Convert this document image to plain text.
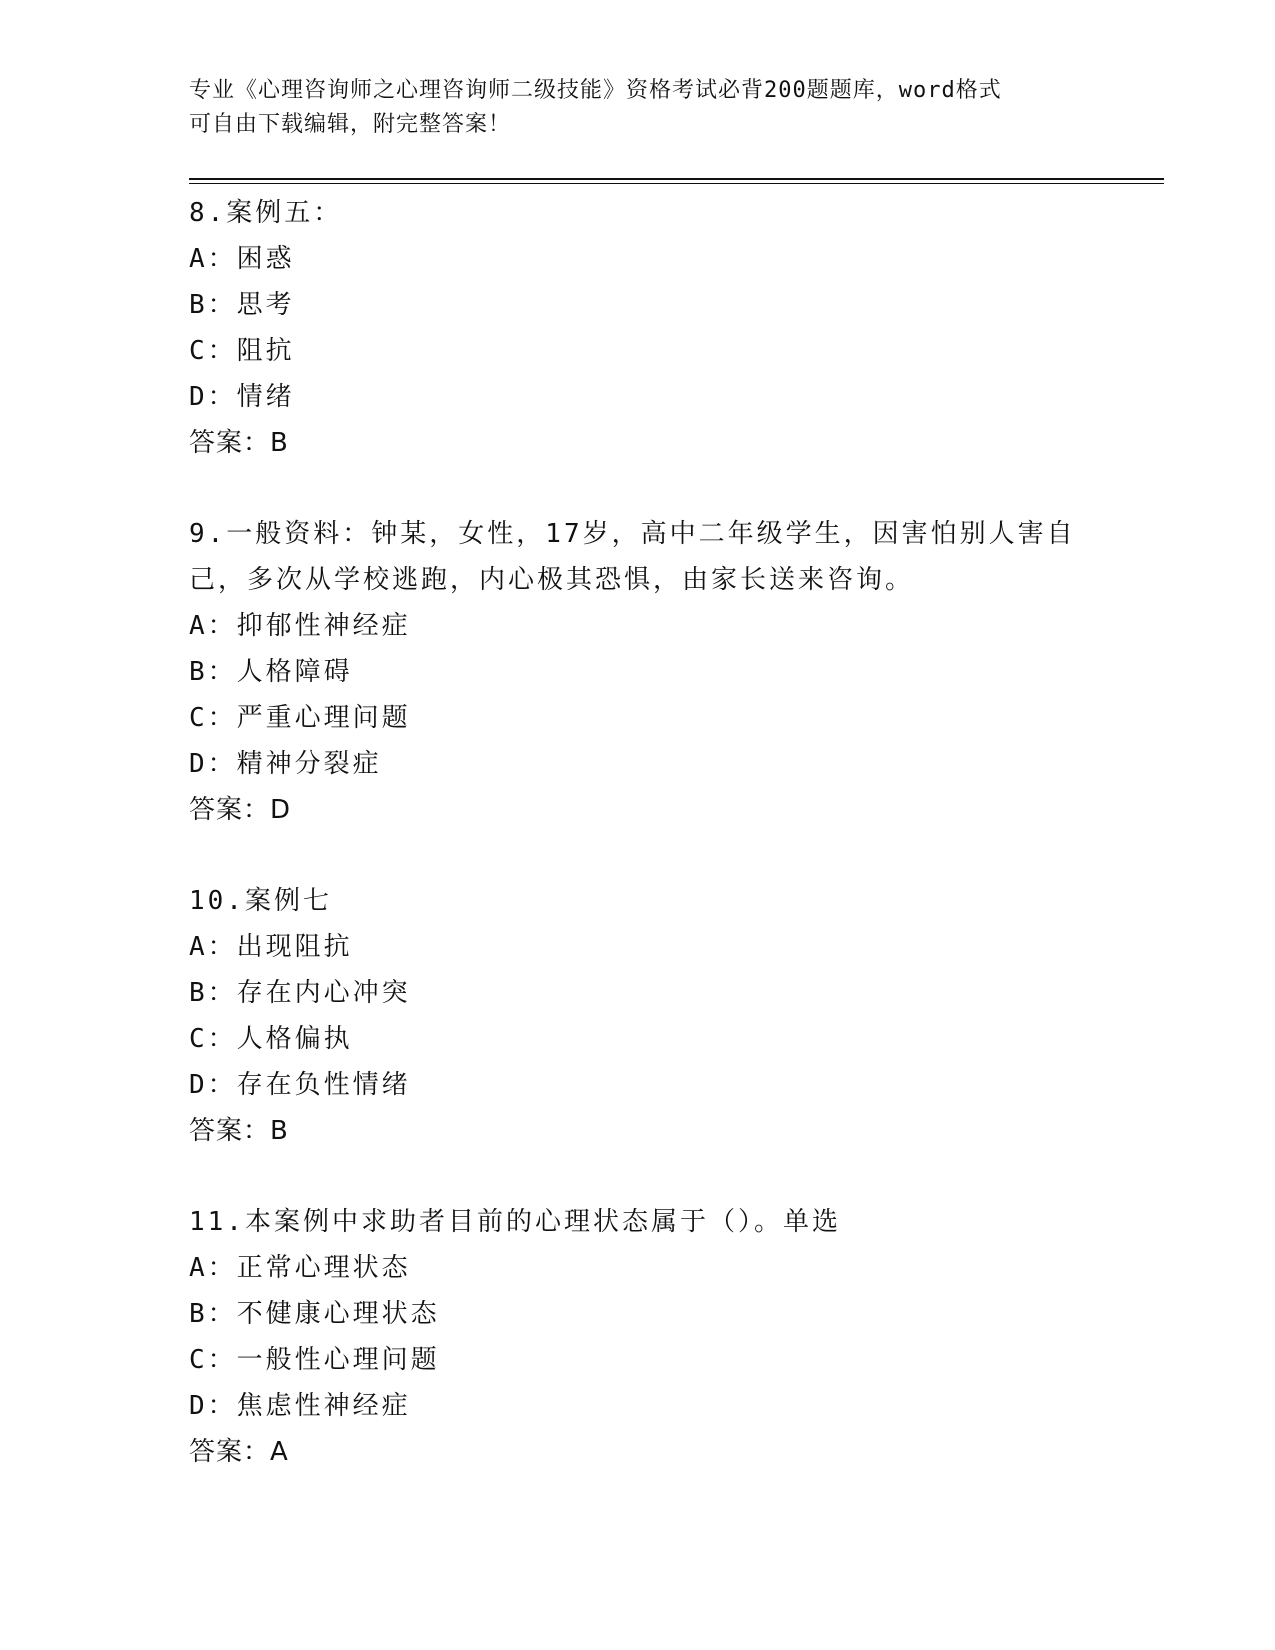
专业《心理咨询师之心理咨询师二级技能》资格考试必背200题题库，word格式
可自由下载编辑，附完整答案！
8.案例五：
A：困惑
B：思考
C：阻抗
D：情绪
答案：B
9.一般资料：钟某，女性，17岁，高中二年级学生，因害怕别人害自
己，多次从学校逃跑，内心极其恐惧，由家长送来咨询。
A：抑郁性神经症
B：人格障碍
C：严重心理问题
D：精神分裂症
答案：D
10.案例七
A：出现阻抗
B：存在内心冲突
C：人格偏执
D：存在负性情绪
答案：B
11.本案例中求助者目前的心理状态属于（）。单选
A：正常心理状态
B：不健康心理状态
C：一般性心理问题
D：焦虑性神经症
答案：A
